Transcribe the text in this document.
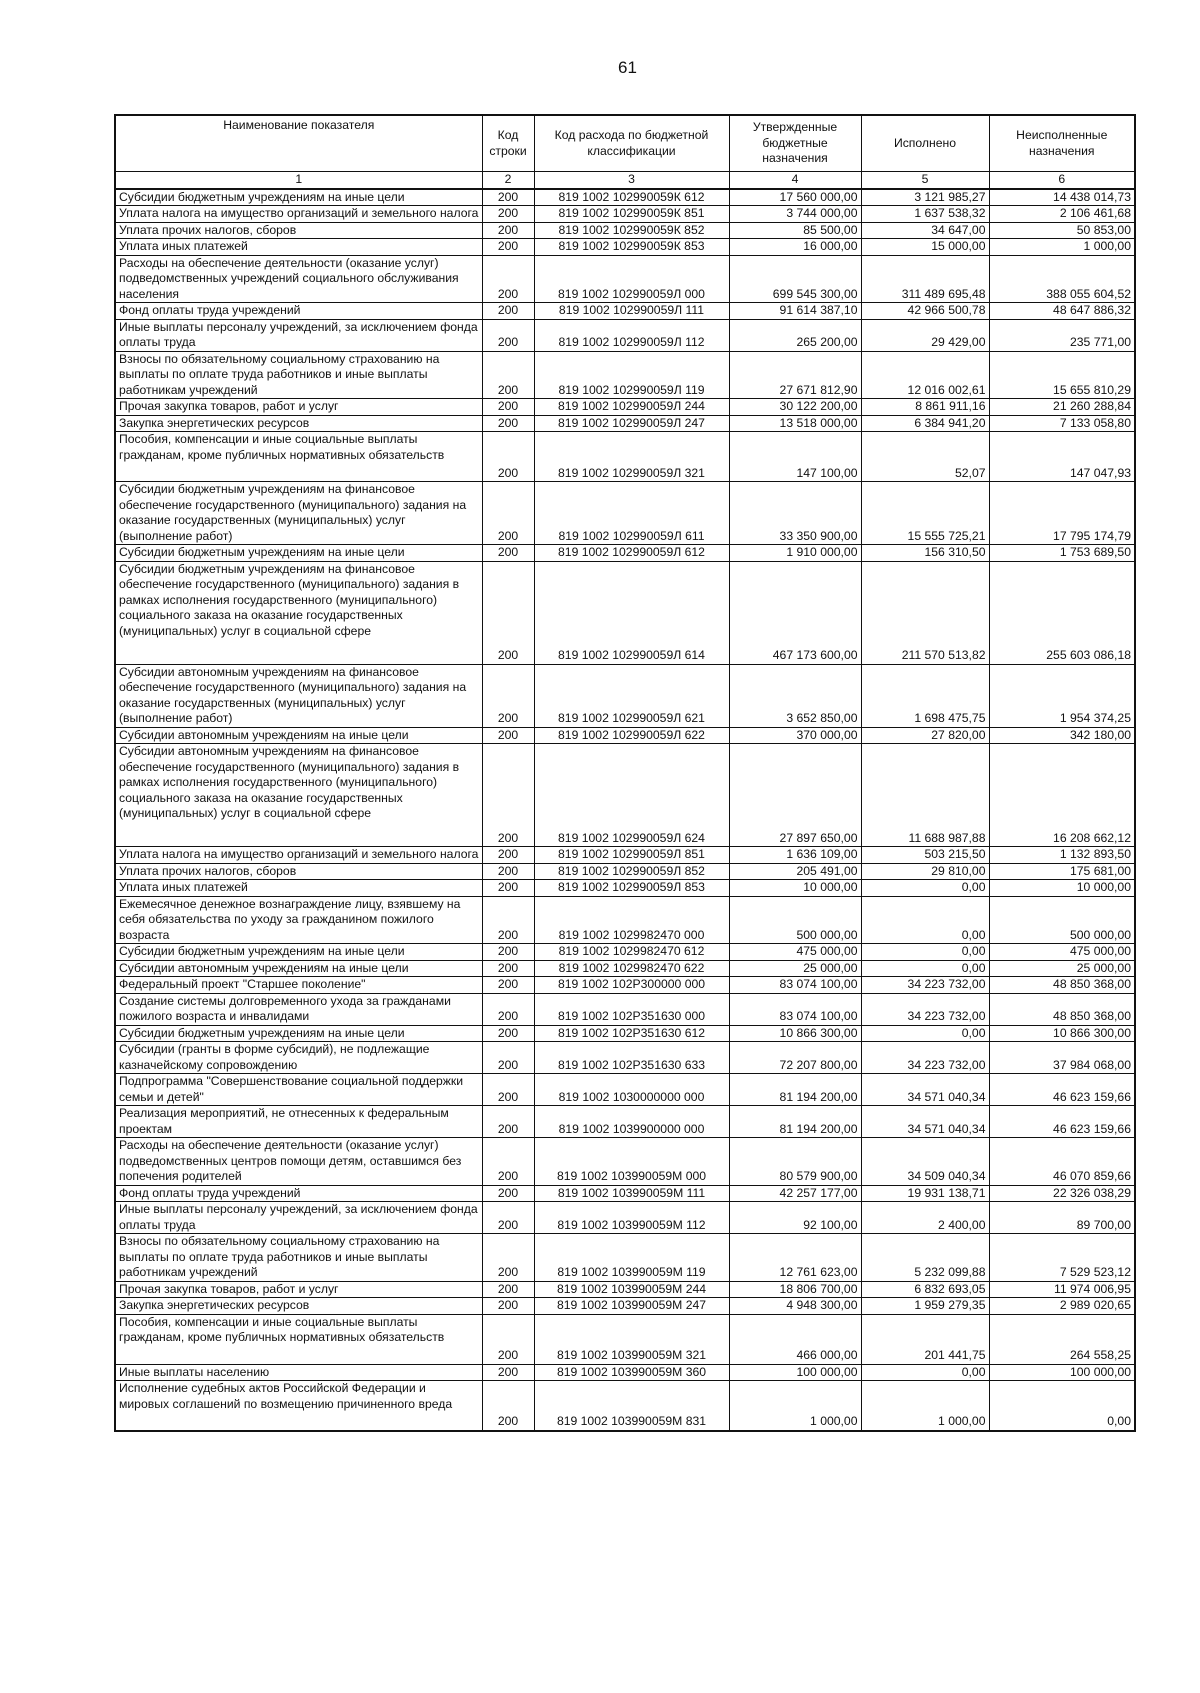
61
Наименование показателя	Код строки	Код расхода по бюджетной классификации	Утвержденные бюджетные назначения	Исполнено	Неисполненные назначения
1	2	3	4	5	6
Субсидии бюджетным учреждениям на иные цели	200	819 1002 102990059К 612	17 560 000,00	3 121 985,27	14 438 014,73
Уплата налога на имущество организаций и земельного налога	200	819 1002 102990059К 851	3 744 000,00	1 637 538,32	2 106 461,68
Уплата прочих налогов, сборов	200	819 1002 102990059К 852	85 500,00	34 647,00	50 853,00
Уплата иных платежей	200	819 1002 102990059К 853	16 000,00	15 000,00	1 000,00
Расходы на обеспечение деятельности (оказание услуг) подведомственных учреждений социального обслуживания населения	200	819 1002 102990059Л 000	699 545 300,00	311 489 695,48	388 055 604,52
Фонд оплаты труда учреждений	200	819 1002 102990059Л 111	91 614 387,10	42 966 500,78	48 647 886,32
Иные выплаты персоналу учреждений, за исключением фонда оплаты труда	200	819 1002 102990059Л 112	265 200,00	29 429,00	235 771,00
Взносы по обязательному социальному страхованию на выплаты по оплате труда работников и иные выплаты работникам учреждений	200	819 1002 102990059Л 119	27 671 812,90	12 016 002,61	15 655 810,29
Прочая закупка товаров, работ и услуг	200	819 1002 102990059Л 244	30 122 200,00	8 861 911,16	21 260 288,84
Закупка энергетических ресурсов	200	819 1002 102990059Л 247	13 518 000,00	6 384 941,20	7 133 058,80
Пособия, компенсации и иные социальные выплаты гражданам, кроме публичных нормативных обязательств	200	819 1002 102990059Л 321	147 100,00	52,07	147 047,93
Субсидии бюджетным учреждениям на финансовое обеспечение государственного (муниципального) задания на оказание государственных (муниципальных) услуг (выполнение работ)	200	819 1002 102990059Л 611	33 350 900,00	15 555 725,21	17 795 174,79
Субсидии бюджетным учреждениям на иные цели	200	819 1002 102990059Л 612	1 910 000,00	156 310,50	1 753 689,50
Субсидии бюджетным учреждениям на финансовое обеспечение государственного (муниципального) задания в рамках исполнения государственного (муниципального) социального заказа на оказание государственных (муниципальных) услуг в социальной сфере	200	819 1002 102990059Л 614	467 173 600,00	211 570 513,82	255 603 086,18
Субсидии автономным учреждениям на финансовое обеспечение государственного (муниципального) задания на оказание государственных (муниципальных) услуг (выполнение работ)	200	819 1002 102990059Л 621	3 652 850,00	1 698 475,75	1 954 374,25
Субсидии автономным учреждениям на иные цели	200	819 1002 102990059Л 622	370 000,00	27 820,00	342 180,00
Субсидии автономным учреждениям на финансовое обеспечение государственного (муниципального) задания в рамках исполнения государственного (муниципального) социального заказа на оказание государственных (муниципальных) услуг в социальной сфере	200	819 1002 102990059Л 624	27 897 650,00	11 688 987,88	16 208 662,12
Уплата налога на имущество организаций и земельного налога	200	819 1002 102990059Л 851	1 636 109,00	503 215,50	1 132 893,50
Уплата прочих налогов, сборов	200	819 1002 102990059Л 852	205 491,00	29 810,00	175 681,00
Уплата иных платежей	200	819 1002 102990059Л 853	10 000,00	0,00	10 000,00
Ежемесячное денежное вознаграждение лицу, взявшему на себя обязательства по уходу за гражданином пожилого возраста	200	819 1002 1029982470 000	500 000,00	0,00	500 000,00
Субсидии бюджетным учреждениям на иные цели	200	819 1002 1029982470 612	475 000,00	0,00	475 000,00
Субсидии автономным учреждениям на иные цели	200	819 1002 1029982470 622	25 000,00	0,00	25 000,00
Федеральный проект "Старшее поколение"	200	819 1002 102Р300000 000	83 074 100,00	34 223 732,00	48 850 368,00
Создание системы долговременного ухода за гражданами пожилого возраста и инвалидами	200	819 1002 102Р351630 000	83 074 100,00	34 223 732,00	48 850 368,00
Субсидии бюджетным учреждениям на иные цели	200	819 1002 102Р351630 612	10 866 300,00	0,00	10 866 300,00
Субсидии (гранты в форме субсидий), не подлежащие казначейскому сопровождению	200	819 1002 102Р351630 633	72 207 800,00	34 223 732,00	37 984 068,00
Подпрограмма "Совершенствование социальной поддержки семьи и детей"	200	819 1002 1030000000 000	81 194 200,00	34 571 040,34	46 623 159,66
Реализация мероприятий, не отнесенных к федеральным проектам	200	819 1002 1039900000 000	81 194 200,00	34 571 040,34	46 623 159,66
Расходы на обеспечение деятельности (оказание услуг) подведомственных центров помощи детям, оставшимся без попечения родителей	200	819 1002 103990059М 000	80 579 900,00	34 509 040,34	46 070 859,66
Фонд оплаты труда учреждений	200	819 1002 103990059М 111	42 257 177,00	19 931 138,71	22 326 038,29
Иные выплаты персоналу учреждений, за исключением фонда оплаты труда	200	819 1002 103990059М 112	92 100,00	2 400,00	89 700,00
Взносы по обязательному социальному страхованию на выплаты по оплате труда работников и иные выплаты работникам учреждений	200	819 1002 103990059М 119	12 761 623,00	5 232 099,88	7 529 523,12
Прочая закупка товаров, работ и услуг	200	819 1002 103990059М 244	18 806 700,00	6 832 693,05	11 974 006,95
Закупка энергетических ресурсов	200	819 1002 103990059М 247	4 948 300,00	1 959 279,35	2 989 020,65
Пособия, компенсации и иные социальные выплаты гражданам, кроме публичных нормативных обязательств	200	819 1002 103990059М 321	466 000,00	201 441,75	264 558,25
Иные выплаты населению	200	819 1002 103990059М 360	100 000,00	0,00	100 000,00
Исполнение судебных актов Российской Федерации и мировых соглашений по возмещению причиненного вреда	200	819 1002 103990059М 831	1 000,00	1 000,00	0,00
